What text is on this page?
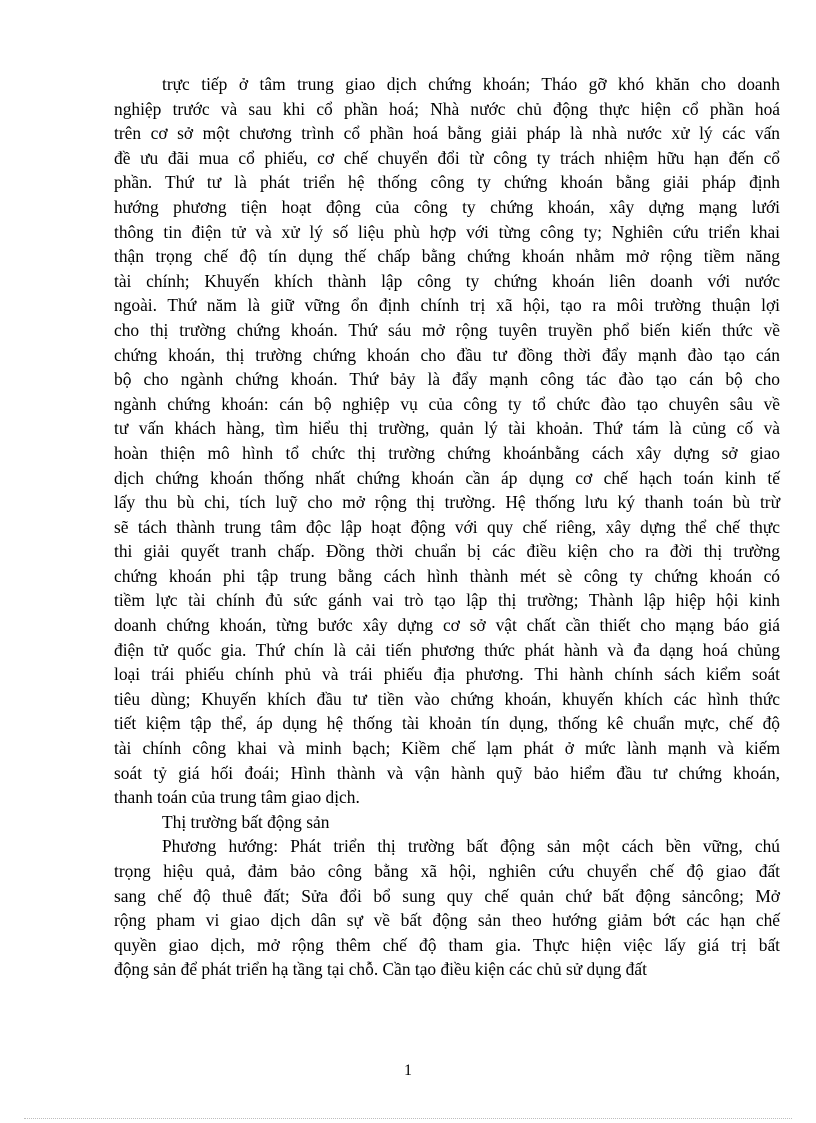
trực tiếp ở tâm trung giao dịch chứng khoán; Tháo gỡ khó khăn cho doanh
nghiệp trước và sau khi cổ phần hoá; Nhà nước chủ động thực hiện cổ phần hoá
trên cơ sở một chương trình cổ phần hoá bằng giải pháp là nhà nước xử lý các vấn
đề ưu đãi mua cổ phiếu, cơ chế chuyển đổi từ công ty trách nhiệm hữu hạn đến cổ
phần. Thứ tư là phát triển hệ thống công ty chứng khoán bằng giải pháp định
hướng phương tiện hoạt động của công ty chứng khoán, xây dựng mạng lưới
thông tin điện tử và xử lý số liệu phù hợp với từng công ty; Nghiên cứu triển khai
thận trọng chế độ tín dụng thế chấp bằng chứng khoán nhằm mở rộng tiềm năng
tài chính; Khuyến khích thành lập công ty chứng khoán liên doanh với nước
ngoài. Thứ năm là giữ vững ổn định chính trị xã hội, tạo ra môi trường thuận lợi
cho thị trường chứng khoán. Thứ sáu mở rộng tuyên truyền phổ biến kiến thức về
chứng khoán, thị trường chứng khoán cho đầu tư đồng thời đẩy mạnh đào tạo cán
bộ cho ngành chứng khoán. Thứ bảy là đẩy mạnh công tác đào tạo cán bộ cho
ngành chứng khoán: cán bộ nghiệp vụ của công ty tổ chức đào tạo chuyên sâu về
tư vấn khách hàng, tìm hiểu thị trường, quản lý tài khoản. Thứ tám là củng cố và
hoàn thiện mô hình tổ chức thị trường chứng khoánbằng cách xây dựng sở giao
dịch chứng khoán thống nhất chứng khoán cần áp dụng cơ chế hạch toán kinh tế
lấy thu bù chi, tích luỹ cho mở rộng thị trường. Hệ thống lưu ký thanh toán bù trừ
sẽ tách thành trung tâm độc lập hoạt động với quy chế riêng, xây dựng thể chế thực
thi giải quyết tranh chấp. Đồng thời chuẩn bị các điều kiện cho ra đời thị trường
chứng khoán phi tập trung bằng cách hình thành mét sè công ty chứng khoán có
tiềm lực tài chính đủ sức gánh vai trò tạo lập thị trường; Thành lập hiệp hội kinh
doanh chứng khoán, từng bước xây dựng cơ sở vật chất cần thiết cho mạng báo giá
điện tử quốc gia. Thứ chín là cải tiến phương thức phát hành và đa dạng hoá chủng
loại trái phiếu chính phủ và trái phiếu địa phương. Thi hành chính sách kiểm soát
tiêu dùng; Khuyến khích đầu tư tiền vào chứng khoán, khuyến khích các hình thức
tiết kiệm tập thể, áp dụng hệ thống tài khoản tín dụng, thống kê chuẩn mực, chế độ
tài chính công khai và minh bạch; Kiềm chế lạm phát ở mức lành mạnh và kiếm
soát tỷ giá hối đoái; Hình thành và vận hành quỹ bảo hiểm đầu tư chứng khoán,
thanh toán của trung tâm giao dịch.
Thị trường bất động sản
Phương hướng: Phát triển thị trường bất động sản một cách bền vững, chú
trọng hiệu quả, đảm bảo công bằng xã hội, nghiên cứu chuyển chế độ giao đất
sang chế độ thuê đất; Sửa đổi bổ sung quy chế quản chứ bất động sảncông; Mở
rộng pham vi giao dịch dân sự về bất động sản theo hướng giảm bớt các hạn chế
quyền giao dịch, mở rộng thêm chế độ tham gia. Thực hiện việc lấy giá trị bất
động sản để phát triển hạ tầng tại chỗ. Cần tạo điều kiện các chủ sử dụng đất
1
